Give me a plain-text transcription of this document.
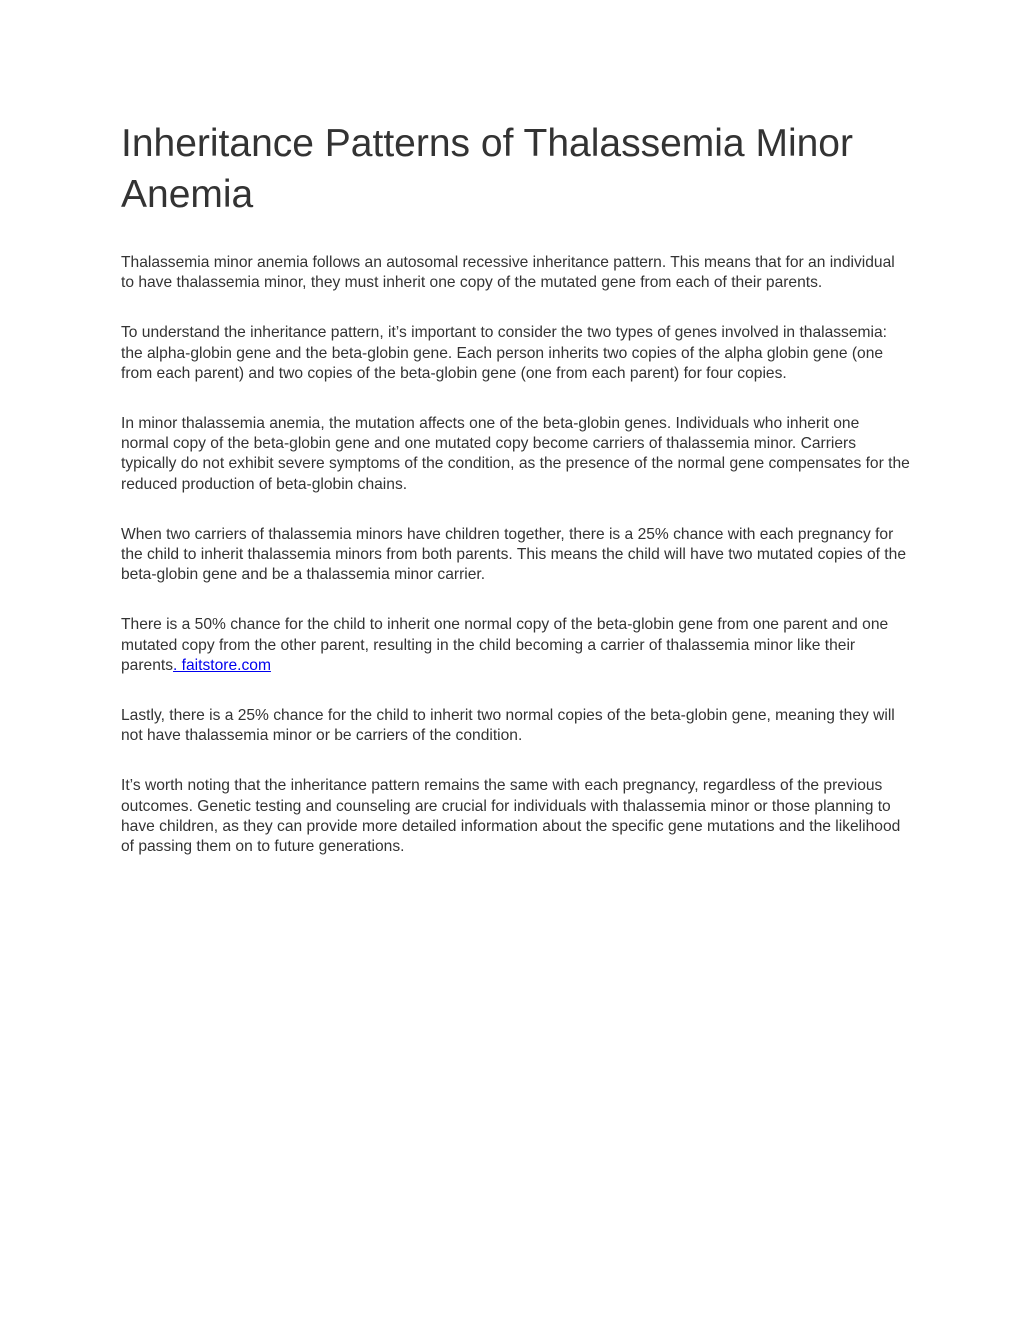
Inheritance Patterns of Thalassemia Minor Anemia

Thalassemia minor anemia follows an autosomal recessive inheritance pattern. This means that for an individual to have thalassemia minor, they must inherit one copy of the mutated gene from each of their parents.

To understand the inheritance pattern, it’s important to consider the two types of genes involved in thalassemia: the alpha-globin gene and the beta-globin gene. Each person inherits two copies of the alpha globin gene (one from each parent) and two copies of the beta-globin gene (one from each parent) for four copies.

In minor thalassemia anemia, the mutation affects one of the beta-globin genes. Individuals who inherit one normal copy of the beta-globin gene and one mutated copy become carriers of thalassemia minor. Carriers typically do not exhibit severe symptoms of the condition, as the presence of the normal gene compensates for the reduced production of beta-globin chains.

When two carriers of thalassemia minors have children together, there is a 25% chance with each pregnancy for the child to inherit thalassemia minors from both parents. This means the child will have two mutated copies of the beta-globin gene and be a thalassemia minor carrier.

There is a 50% chance for the child to inherit one normal copy of the beta-globin gene from one parent and one mutated copy from the other parent, resulting in the child becoming a carrier of thalassemia minor like their parents. faitstore.com

Lastly, there is a 25% chance for the child to inherit two normal copies of the beta-globin gene, meaning they will not have thalassemia minor or be carriers of the condition.

It’s worth noting that the inheritance pattern remains the same with each pregnancy, regardless of the previous outcomes. Genetic testing and counseling are crucial for individuals with thalassemia minor or those planning to have children, as they can provide more detailed information about the specific gene mutations and the likelihood of passing them on to future generations.
